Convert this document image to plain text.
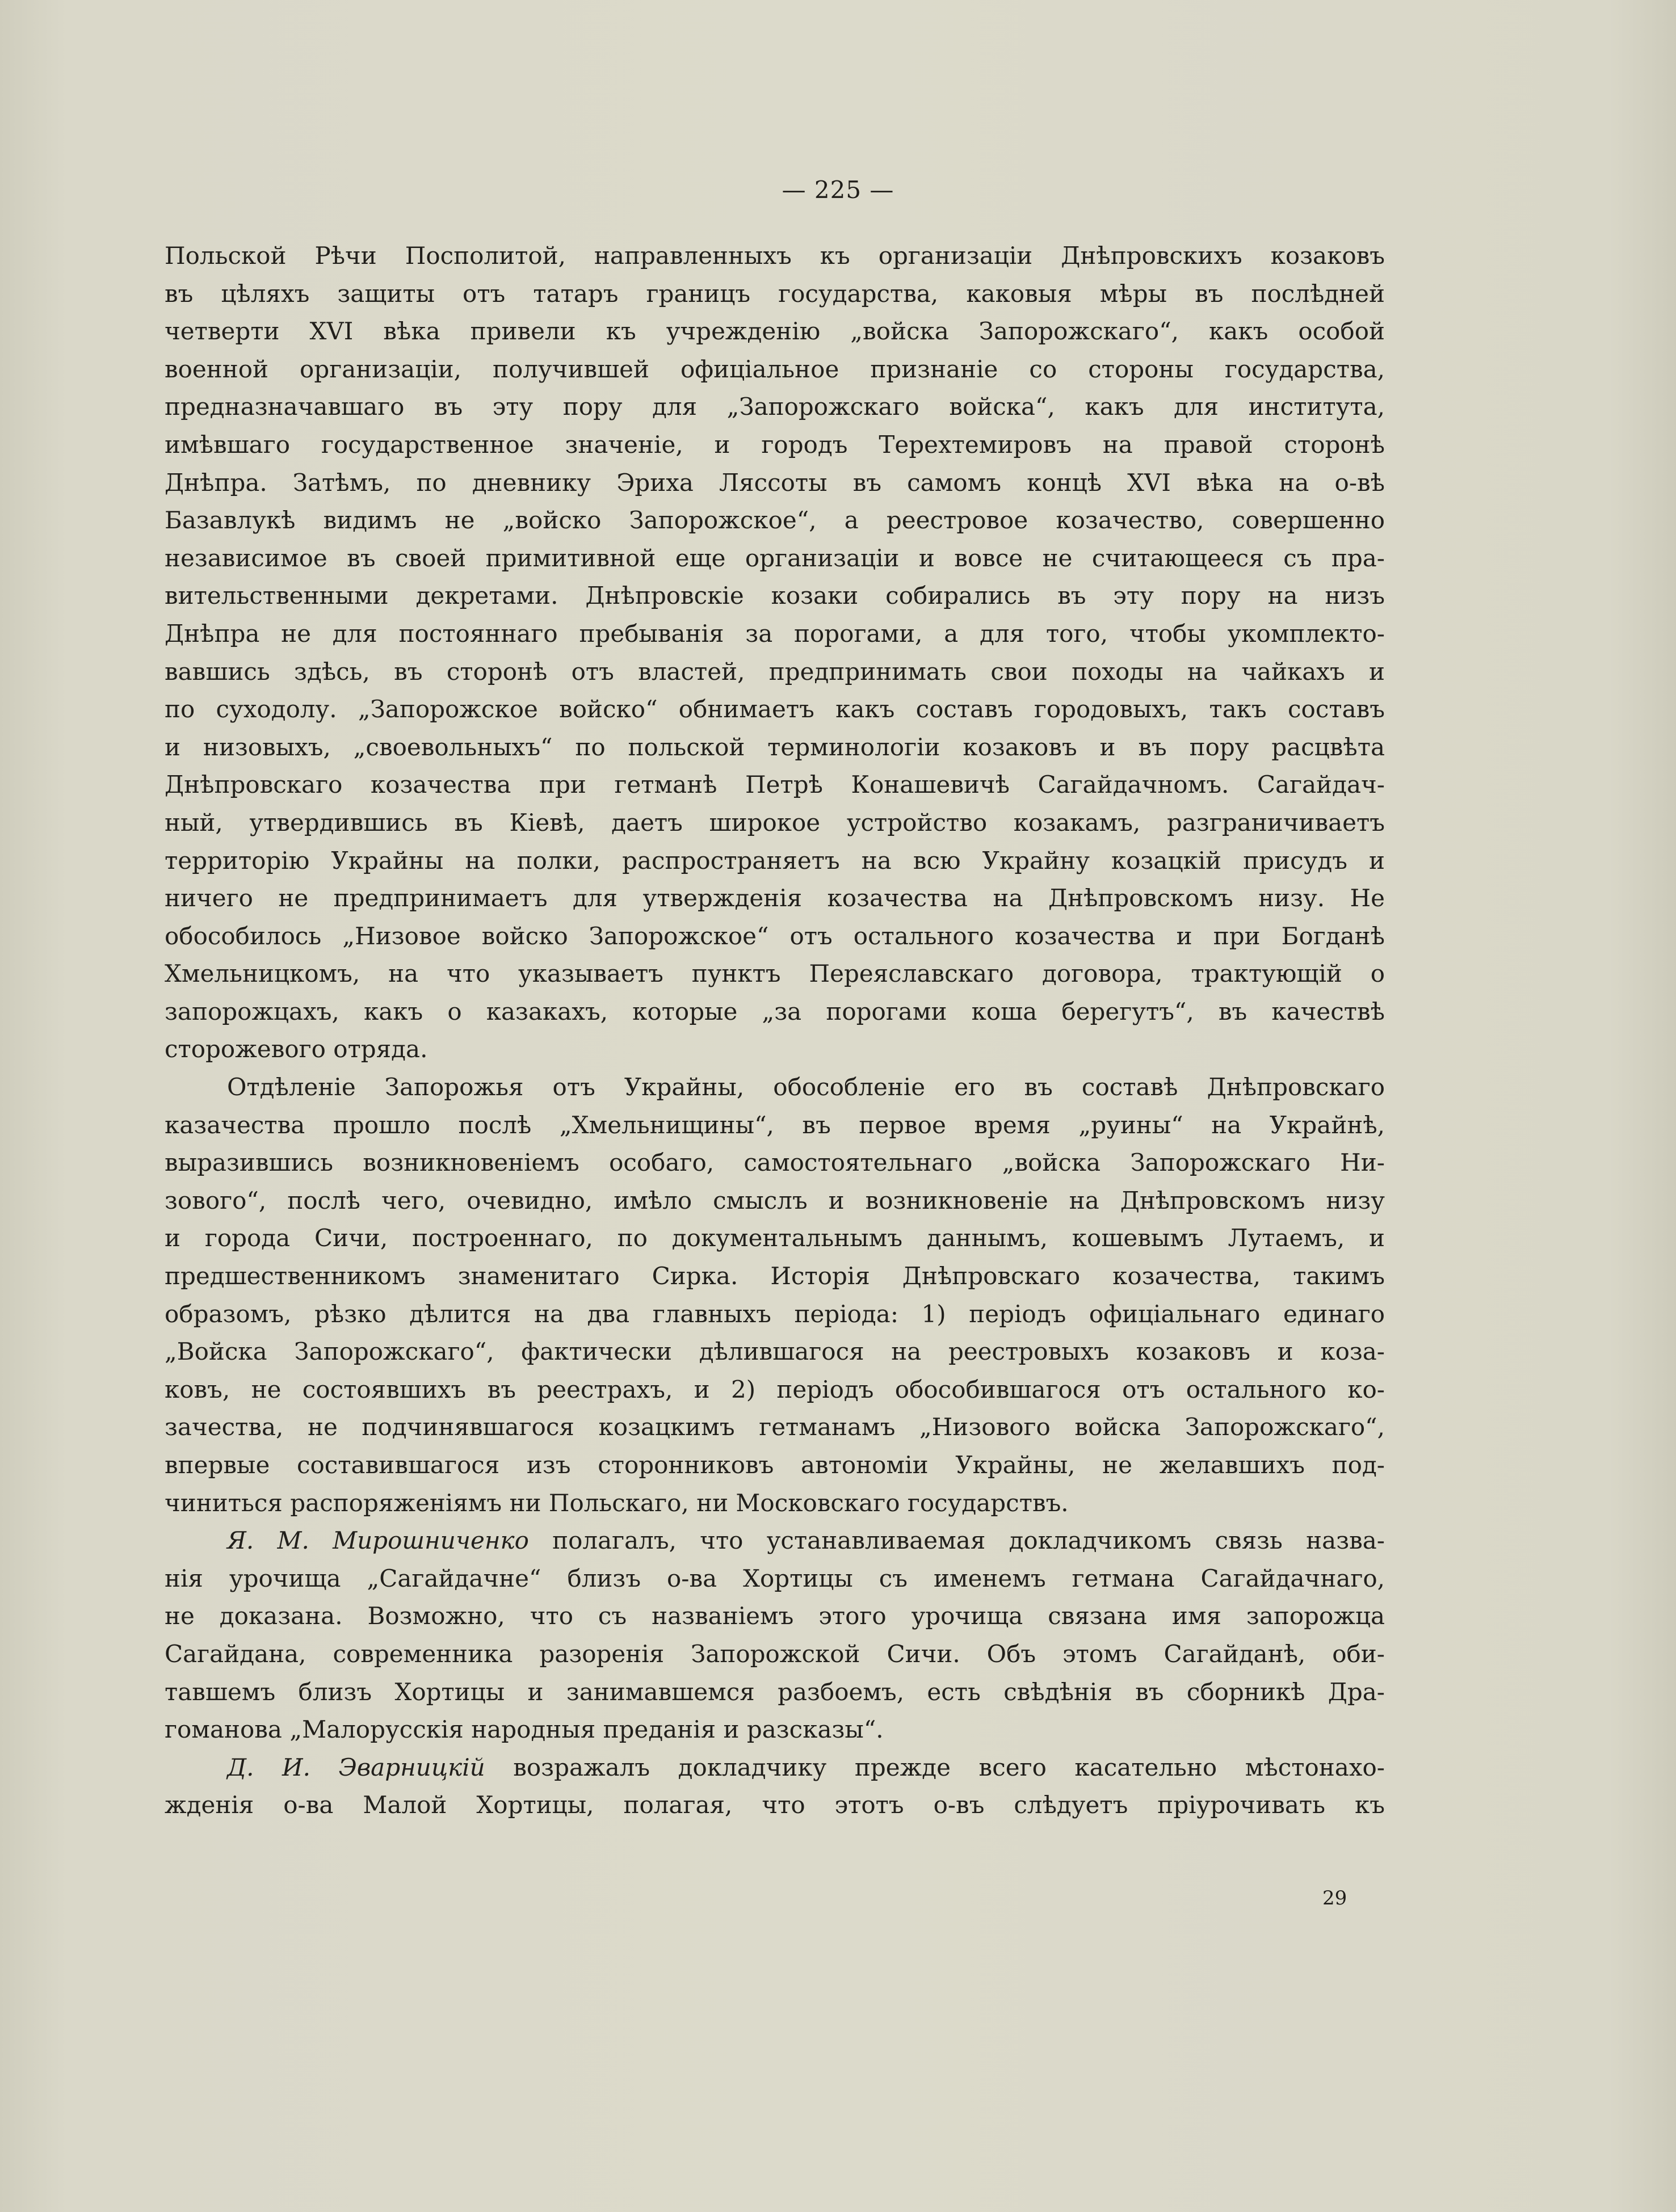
— 225 —
Польской Рѣчи Посполитой, направленныхъ къ организаціи Днѣпровскихъ козаковъ
въ цѣляхъ защиты отъ татаръ границъ государства, каковыя мѣры въ послѣдней
четверти XVI вѣка привели къ учрежденію „войска Запорожскаго“, какъ особой
военной организаціи, получившей офиціальное признаніе со стороны государства,
предназначавшаго въ эту пору для „Запорожскаго войска“, какъ для института,
имѣвшаго государственное значеніе, и городъ Терехтемировъ на правой сторонѣ
Днѣпра. Затѣмъ, по дневнику Эриха Ляссоты въ самомъ концѣ XVI вѣка на о-вѣ
Базавлукѣ видимъ не „войско Запорожское“, а реестровое козачество, совершенно
независимое въ своей примитивной еще организаціи и вовсе не считающееся съ пра-
вительственными декретами. Днѣпровскіе козаки собирались въ эту пору на низъ
Днѣпра не для постояннаго пребыванія за порогами, а для того, чтобы укомплекто-
вавшись здѣсь, въ сторонѣ отъ властей, предпринимать свои походы на чайкахъ и
по суходолу. „Запорожское войско“ обнимаетъ какъ составъ городовыхъ, такъ составъ
и низовыхъ, „своевольныхъ“ по польской терминологіи козаковъ и въ пору расцвѣта
Днѣпровскаго козачества при гетманѣ Петрѣ Конашевичѣ Сагайдачномъ. Сагайдач-
ный, утвердившись въ Кіевѣ, даетъ широкое устройство козакамъ, разграничиваетъ
территорію Украйны на полки, распространяетъ на всю Украйну козацкій присудъ и
ничего не предпринимаетъ для утвержденія козачества на Днѣпровскомъ низу. Не
обособилось „Низовое войско Запорожское“ отъ остального козачества и при Богданѣ
Хмельницкомъ, на что указываетъ пунктъ Переяславскаго договора, трактующій о
запорожцахъ, какъ о казакахъ, которые „за порогами коша берегутъ“, въ качествѣ
сторожевого отряда.
Отдѣленіе Запорожья отъ Украйны, обособленіе его въ составѣ Днѣпровскаго
казачества прошло послѣ „Хмельнищины“, въ первое время „руины“ на Украйнѣ,
выразившись возникновеніемъ особаго, самостоятельнаго „войска Запорожскаго Ни-
зового“, послѣ чего, очевидно, имѣло смыслъ и возникновеніе на Днѣпровскомъ низу
и города Сичи, построеннаго, по документальнымъ даннымъ, кошевымъ Лутаемъ, и
предшественникомъ знаменитаго Сирка. Исторія Днѣпровскаго козачества, такимъ
образомъ, рѣзко дѣлится на два главныхъ періода: 1) періодъ офиціальнаго единаго
„Войска Запорожскаго“, фактически дѣлившагося на реестровыхъ козаковъ и коза-
ковъ, не состоявшихъ въ реестрахъ, и 2) періодъ обособившагося отъ остального ко-
зачества, не подчинявшагося козацкимъ гетманамъ „Низового войска Запорожскаго“,
впервые составившагося изъ сторонниковъ автономіи Украйны, не желавшихъ под-
чиниться распоряженіямъ ни Польскаго, ни Московскаго государствъ.
Я. М. Мирошниченко полагалъ, что устанавливаемая докладчикомъ связь назва-
нія урочища „Сагайдачне“ близъ о-ва Хортицы съ именемъ гетмана Сагайдачнаго,
не доказана. Возможно, что съ названіемъ этого урочища связана имя запорожца
Сагайдана, современника разоренія Запорожской Сичи. Объ этомъ Сагайданѣ, оби-
тавшемъ близъ Хортицы и занимавшемся разбоемъ, есть свѣдѣнія въ сборникѣ Дра-
гоманова „Малорусскія народныя преданія и разсказы“.
Д. И. Эварницкій возражалъ докладчику прежде всего касательно мѣстонахо-
жденія о-ва Малой Хортицы, полагая, что этотъ о-въ слѣдуетъ пріурочивать къ
29
